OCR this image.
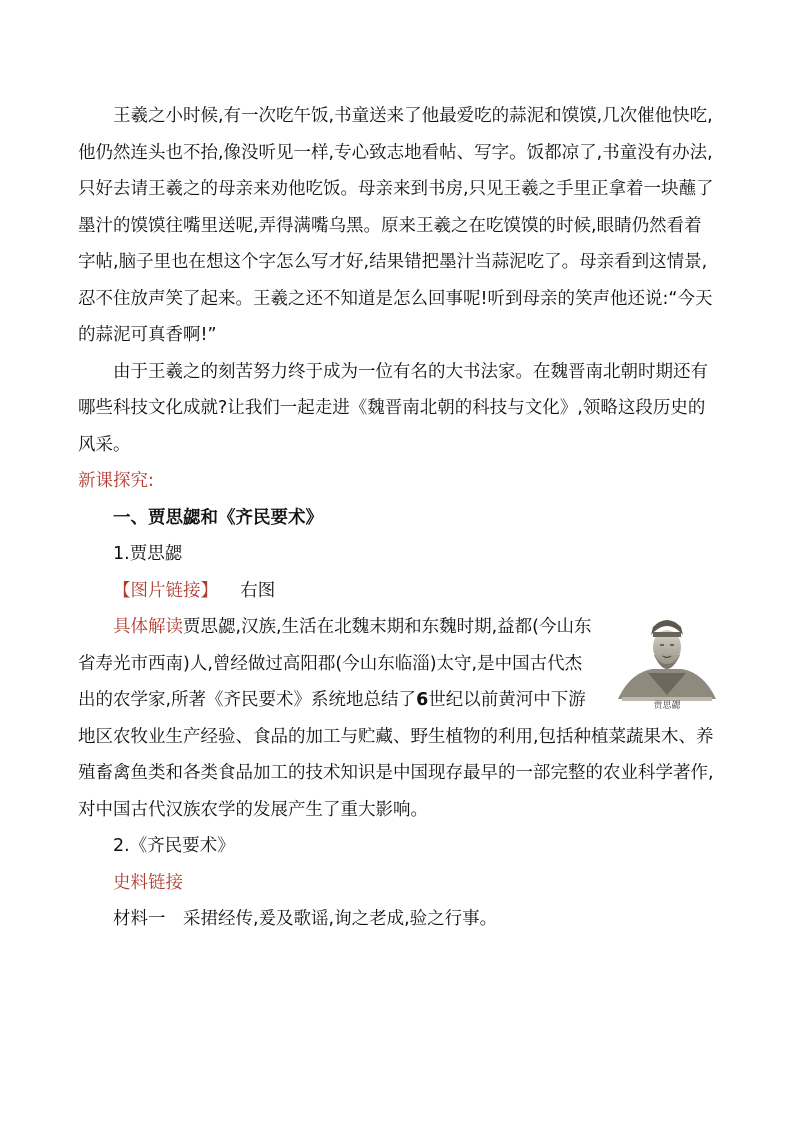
王羲之小时候,有一次吃午饭,书童送来了他最爱吃的蒜泥和馍馍,几次催他快吃,他仍然连头也不抬,像没听见一样,专心致志地看帖、写字。饭都凉了,书童没有办法,只好去请王羲之的母亲来劝他吃饭。母亲来到书房,只见王羲之手里正拿着一块蘸了墨汁的馍馍往嘴里送呢,弄得满嘴乌黑。原来王羲之在吃馍馍的时候,眼睛仍然看着字帖,脑子里也在想这个字怎么写才好,结果错把墨汁当蒜泥吃了。母亲看到这情景,忍不住放声笑了起来。王羲之还不知道是怎么回事呢!听到母亲的笑声他还说:“今天的蒜泥可真香啊!”

由于王羲之的刻苦努力终于成为一位有名的大书法家。在魏晋南北朝时期还有哪些科技文化成就?让我们一起走进《魏晋南北朝的科技与文化》,领略这段历史的风采。

新课探究:

一、贾思勰和《齐民要术》

1.贾思勰

【图片链接】 右图

贾思勰

具体解读贾思勰,汉族,生活在北魏末期和东魏时期,益都(今山东省寿光市西南)人,曾经做过高阳郡(今山东临淄)太守,是中国古代杰出的农学家,所著《齐民要术》系统地总结了6世纪以前黄河中下游地区农牧业生产经验、食品的加工与贮藏、野生植物的利用,包括种植菜蔬果木、养殖畜禽鱼类和各类食品加工的技术知识是中国现存最早的一部完整的农业科学著作,对中国古代汉族农学的发展产生了重大影响。

2.《齐民要术》

史料链接

材料一　采捃经传,爰及歌谣,询之老成,验之行事。
